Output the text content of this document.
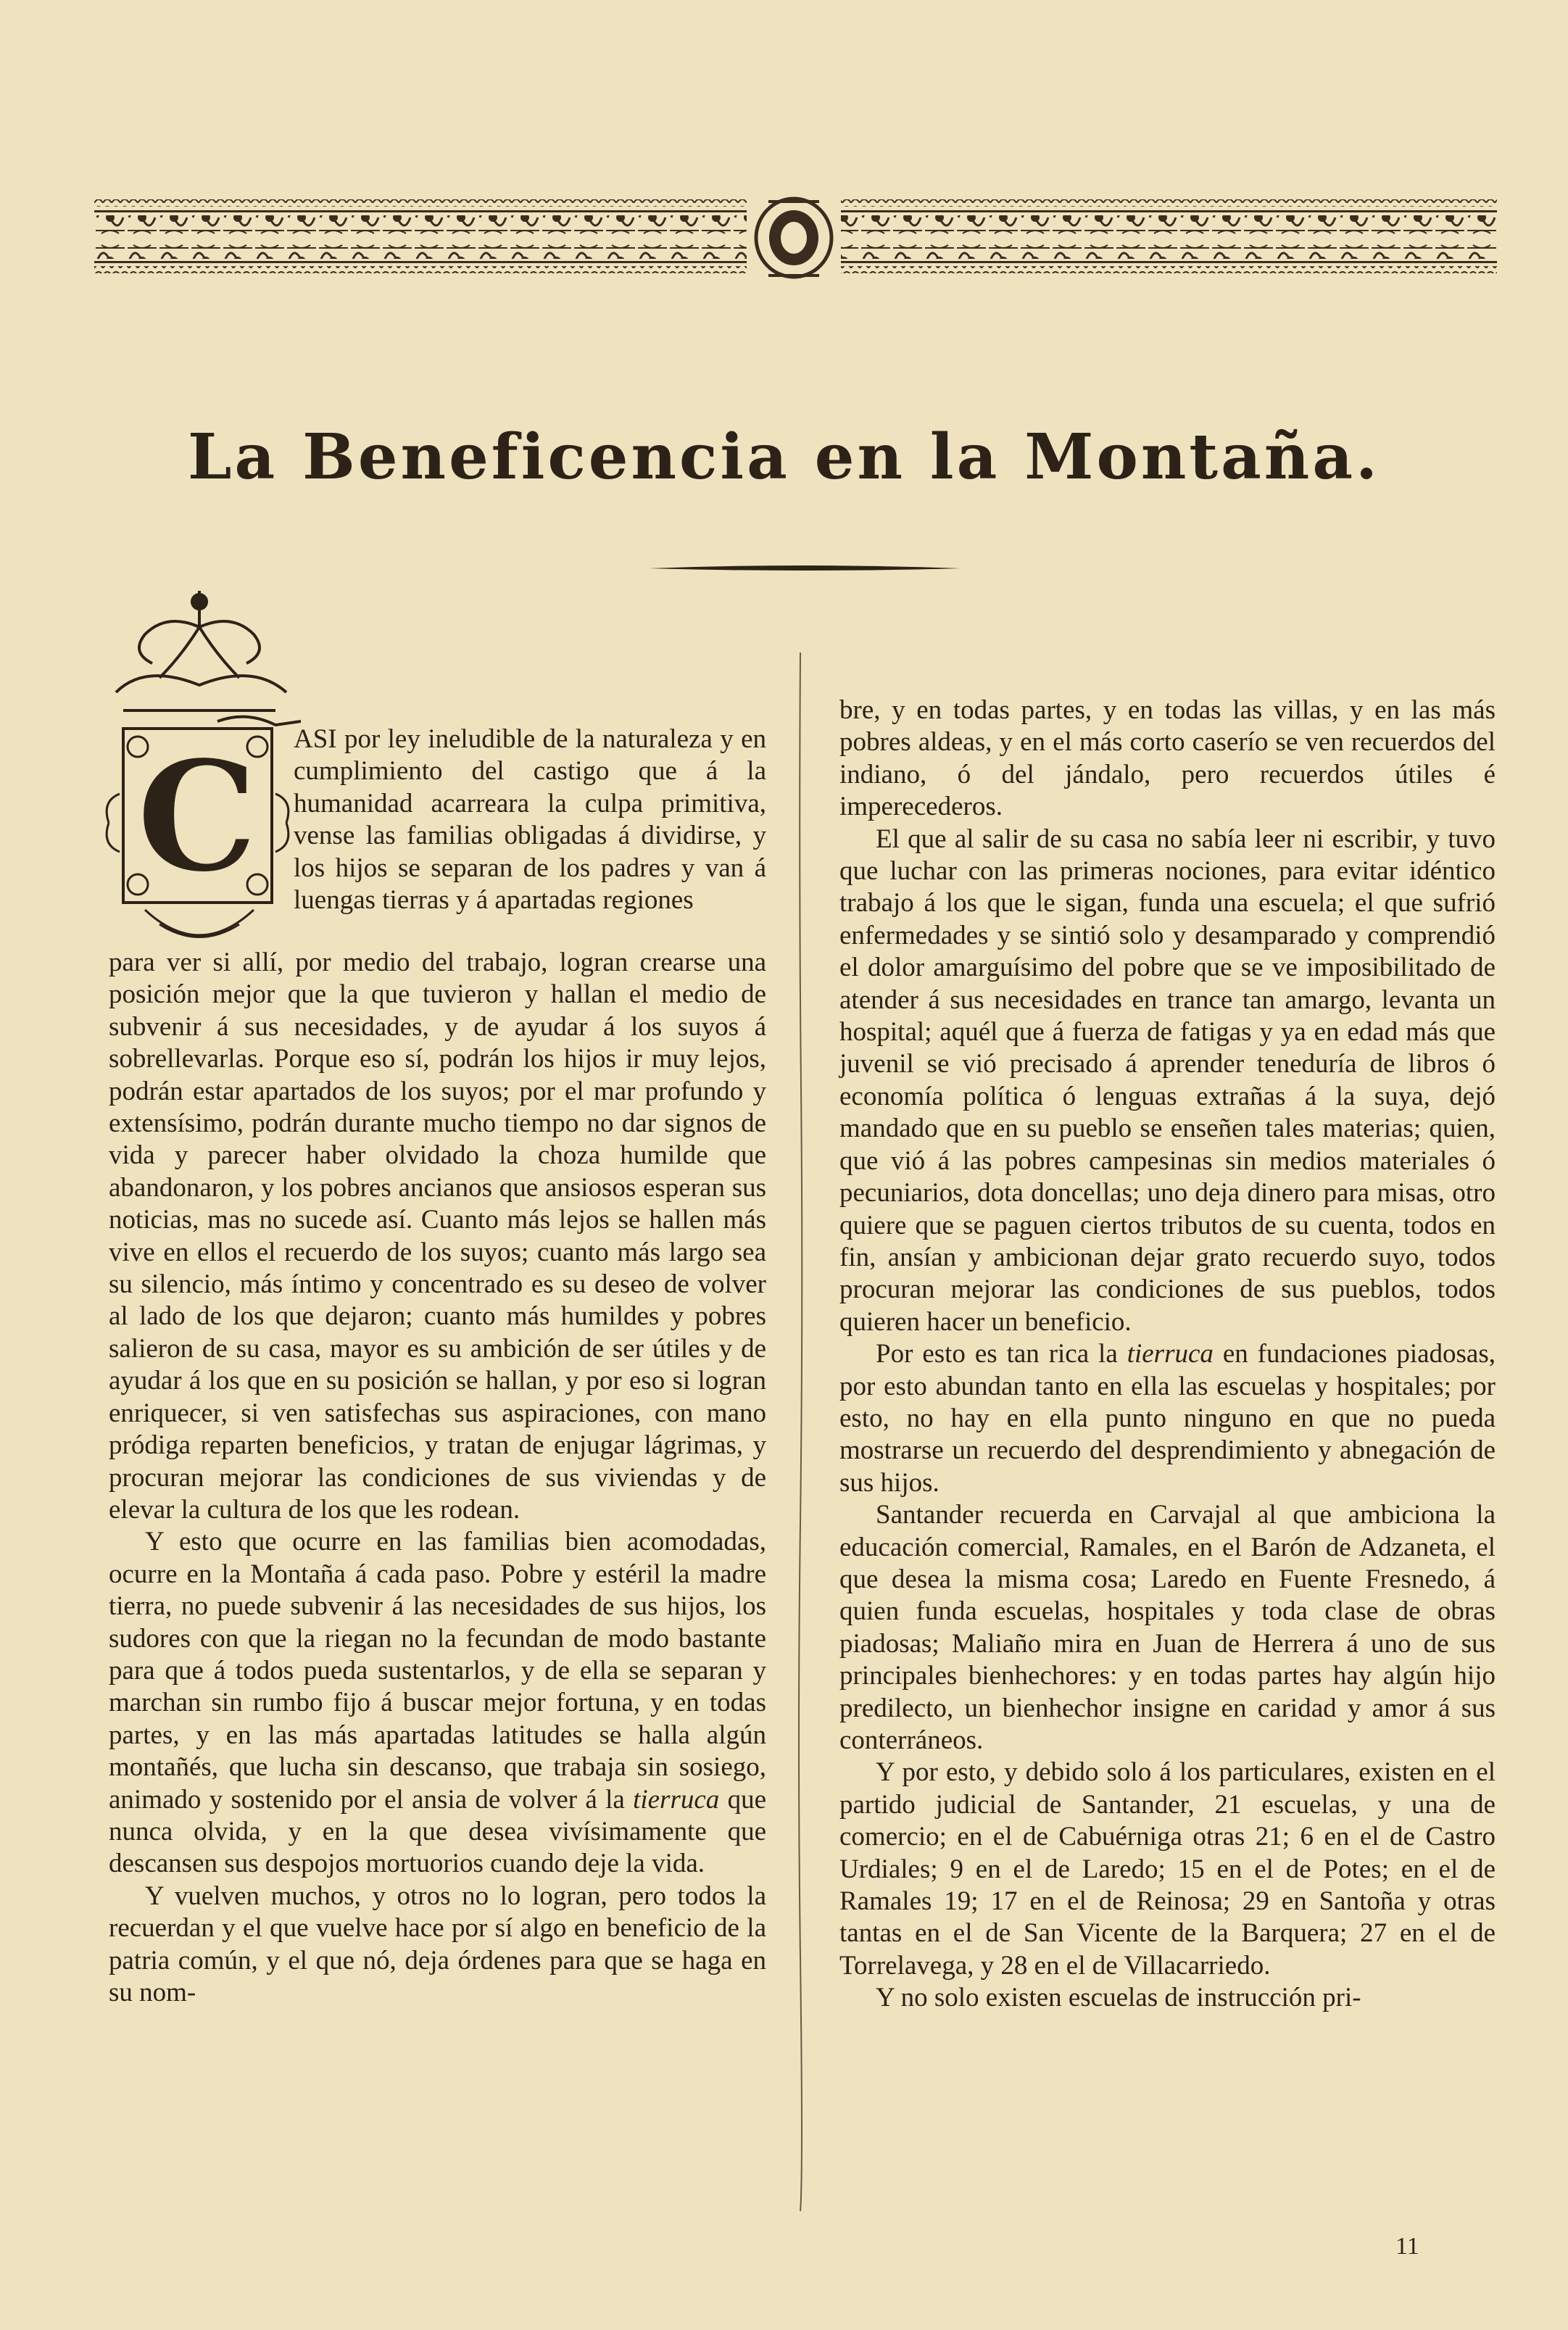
La Beneficencia en la Montaña.
C ASI por ley ineludible de la naturaleza y en cumplimiento del castigo que á la humanidad acarreara la culpa primitiva, vense las familias obligadas á dividirse, y los hijos se separan de los padres y van á luengas tierras y á apartadas regiones

para ver si allí, por medio del trabajo, logran crearse una posición mejor que la que tuvieron y hallan el medio de subvenir á sus necesidades, y de ayudar á los suyos á sobrellevarlas. Porque eso sí, podrán los hijos ir muy lejos, podrán estar apartados de los suyos; por el mar profundo y extensísimo, podrán durante mucho tiempo no dar signos de vida y parecer haber olvidado la choza humilde que abandonaron, y los pobres ancianos que ansiosos esperan sus noticias, mas no sucede así. Cuanto más lejos se hallen más vive en ellos el recuerdo de los suyos; cuanto más largo sea su silencio, más íntimo y concentrado es su deseo de volver al lado de los que dejaron; cuanto más humildes y pobres salieron de su casa, mayor es su ambición de ser útiles y de ayudar á los que en su posición se hallan, y por eso si logran enriquecer, si ven satisfechas sus aspiraciones, con mano pródiga reparten beneficios, y tratan de enjugar lágrimas, y procuran mejorar las condiciones de sus viviendas y de elevar la cultura de los que les rodean.

Y esto que ocurre en las familias bien acomodadas, ocurre en la Montaña á cada paso. Pobre y estéril la madre tierra, no puede subvenir á las necesidades de sus hijos, los sudores con que la riegan no la fecundan de modo bastante para que á todos pueda sustentarlos, y de ella se separan y marchan sin rumbo fijo á buscar mejor fortuna, y en todas partes, y en las más apartadas latitudes se halla algún montañés, que lucha sin descanso, que trabaja sin sosiego, animado y sostenido por el ansia de volver á la tierruca que nunca olvida, y en la que desea vivísimamente que descansen sus despojos mortuorios cuando deje la vida.

Y vuelven muchos, y otros no lo logran, pero todos la recuerdan y el que vuelve hace por sí algo en beneficio de la patria común, y el que nó, deja órdenes para que se haga en su nom-

bre, y en todas partes, y en todas las villas, y en las más pobres aldeas, y en el más corto caserío se ven recuerdos del indiano, ó del jándalo, pero recuerdos útiles é imperecederos.

El que al salir de su casa no sabía leer ni escribir, y tuvo que luchar con las primeras nociones, para evitar idéntico trabajo á los que le sigan, funda una escuela; el que sufrió enfermedades y se sintió solo y desamparado y comprendió el dolor amarguísimo del pobre que se ve imposibilitado de atender á sus necesidades en trance tan amargo, levanta un hospital; aquél que á fuerza de fatigas y ya en edad más que juvenil se vió precisado á aprender teneduría de libros ó economía política ó lenguas extrañas á la suya, dejó mandado que en su pueblo se enseñen tales materias; quien, que vió á las pobres campesinas sin medios materiales ó pecuniarios, dota doncellas; uno deja dinero para misas, otro quiere que se paguen ciertos tributos de su cuenta, todos en fin, ansían y ambicionan dejar grato recuerdo suyo, todos procuran mejorar las condiciones de sus pueblos, todos quieren hacer un beneficio.

Por esto es tan rica la tierruca en fundaciones piadosas, por esto abundan tanto en ella las escuelas y hospitales; por esto, no hay en ella punto ninguno en que no pueda mostrarse un recuerdo del desprendimiento y abnegación de sus hijos.

Santander recuerda en Carvajal al que ambiciona la educación comercial, Ramales, en el Barón de Adzaneta, el que desea la misma cosa; Laredo en Fuente Fresnedo, á quien funda escuelas, hospitales y toda clase de obras piadosas; Maliaño mira en Juan de Herrera á uno de sus principales bienhechores: y en todas partes hay algún hijo predilecto, un bienhechor insigne en caridad y amor á sus conterráneos.

Y por esto, y debido solo á los particulares, existen en el partido judicial de Santander, 21 escuelas, y una de comercio; en el de Cabuérniga otras 21; 6 en el de Castro Urdiales; 9 en el de Laredo; 15 en el de Potes; en el de Ramales 19; 17 en el de Reinosa; 29 en Santoña y otras tantas en el de San Vicente de la Barquera; 27 en el de Torrelavega, y 28 en el de Villacarriedo.

Y no solo existen escuelas de instrucción pri-

11
